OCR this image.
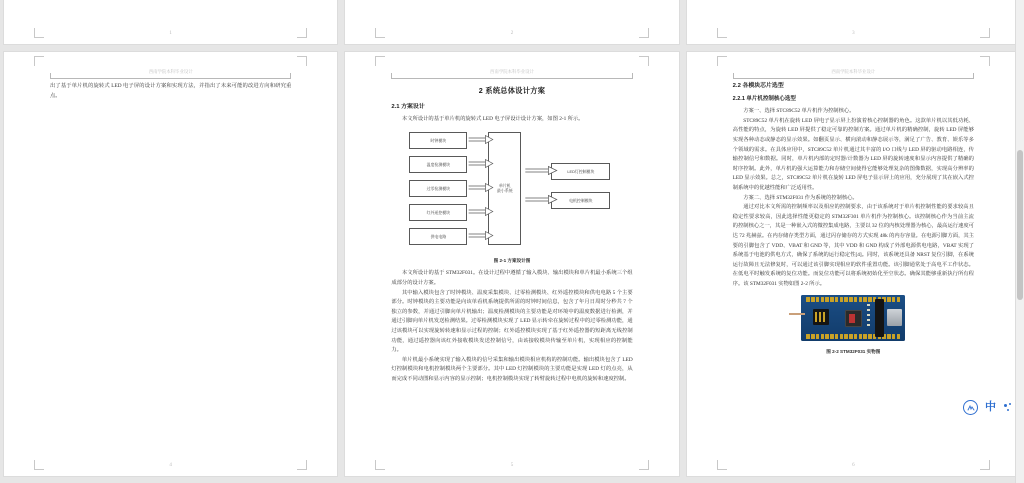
1	2	3
西南学院本科毕业设计

出了基于单片机的旋转式 LED 电子屏的设计方案和实现方法，并指出了未来可能的改进方向和研究重点。

4
西南学院本科毕业设计
2 系统总体设计方案
2.1 方案设计

本文所设计的基于单片机的旋转式 LED 电子屏设计设计方案，如图 2-1 所示。

时钟模块
温度检测模块
过零检测模块
红外遥控模块
供电电路
单片机
最小系统
LED灯控制模块
电机控制模块
图 2-1 方案设计图

本文所设计的基于 STM32F031。在设计过程中遵循了输入模块、输出模块和单片机最小系统三个组成部分的设计方案。

其中输入模块包含了时钟模块、温度采集模块、过零检测模块、红外遥控模块和供电电路 5 个主要部分。时钟模块的主要功能是向该单看机系统提供所需的时钟时间信息，包含了年月日周时分秒共 7 个独立的参数，并通过引脚向单片机输出；温度检测模块的主要功能是对环境中的温度数据进行检测，并通过引脚向单片机发送检测结果。过零检测模块实现了 LED 显示转牵在旋转过程中的过零检测功能，通过该模块可以实现旋转转速和显示过程的控制；红外遥控模块实现了基于红外遥控器的短距离无线控制功能，通过遥控器向该红外接收模块发送控制信号，由该接收模块传输至单片机，实现相应的控制能力。

单片机最小系统实现了输入模块的信号采集和输出模块相应机构的控制功能。输出模块包含了 LED灯控制模块和电机控制模块两个主要部分。其中 LED 灯控制模块的主要功能是实现 LED 灯的点亮，从而完成不同动图和显示内容的显示控制；电机控制模块实现了转臂旋转过程中电机的旋转和速度控制。

5
西南学院本科毕业设计
2.2 各模块芯片选型
2.2.1 单片机控制核心选型

方案一、选择 STC89C52 单片机作为控制核心。

STC89C52 单片机在旋转 LED 屏电子显示屏上扮演着核心控制器的角色。这款单片机以其低功耗、高性能的特点，为旋转 LED 屏提供了稳定可靠的控制方案。通过单片机的精确控制，旋转 LED 屏能够实现各种动态或静态的显示效果。如翻页显示、横向滚动和静态展示等，满足了广告、教育、娱乐等多个领域的需求。在具体应用中，STC89C52 单片机通过其丰富的 I/O 口线与 LED 屏的驱动电路相连，传输控制信号和数据。同时，单片机内部的定时器/计数器为 LED 屏的旋转速度和显示内容提供了精确的时序控制。此外，单片机的强大运算能力和存储空间使得它能够处理复杂的图像数据，实现高分辨率的 LED 显示效果。总之，STC89C52 单片机在旋转 LED 屏电子显示屏上的应用，充分展现了其在嵌入式控制系统中的优越性能和广泛适用性。

方案二、选择 STM32F031 作为系统的控制核心。

通过对比本文所需的控制频率以及相应的控制要求，由于该系统对于单片机控制性能的要求较高且稳定性要求较高，因此选择性能更稳定的 STM32F301 单片机作为控制核心。该控制核心作为当前主流的控制核心之一，其是一种嵌入式的微控集成电路，主要以 32 位的内核处理器为核心，最高运行速度可达 72 兆赫兹。在内存储存类型方面，通过闪存储存的方式实现 48k 的内存容量。在电源引脚方面，其主要的引脚包含了 VDD、VBAT 和 GND 等，其中 VDD 和 GND 构成了外部电源供电电路，VBAT 实现了系统基于电池的供电方式，确保了系统的运行稳定性[4]。同时，该系统还具备 NRST 复位引脚，在系统运行故障且无法修复时，可以通过该引脚实现相应的软件重置功能。该引脚通常处于高电平工作状态。在低电平时触发系统的复位功能。而复位功能可以将系统初始化至空状态。确保其能够重新执行所有程序。该 STM32F031 实物如图 2-2 所示。

图 2-2 STM32F031 实物图
6
中
